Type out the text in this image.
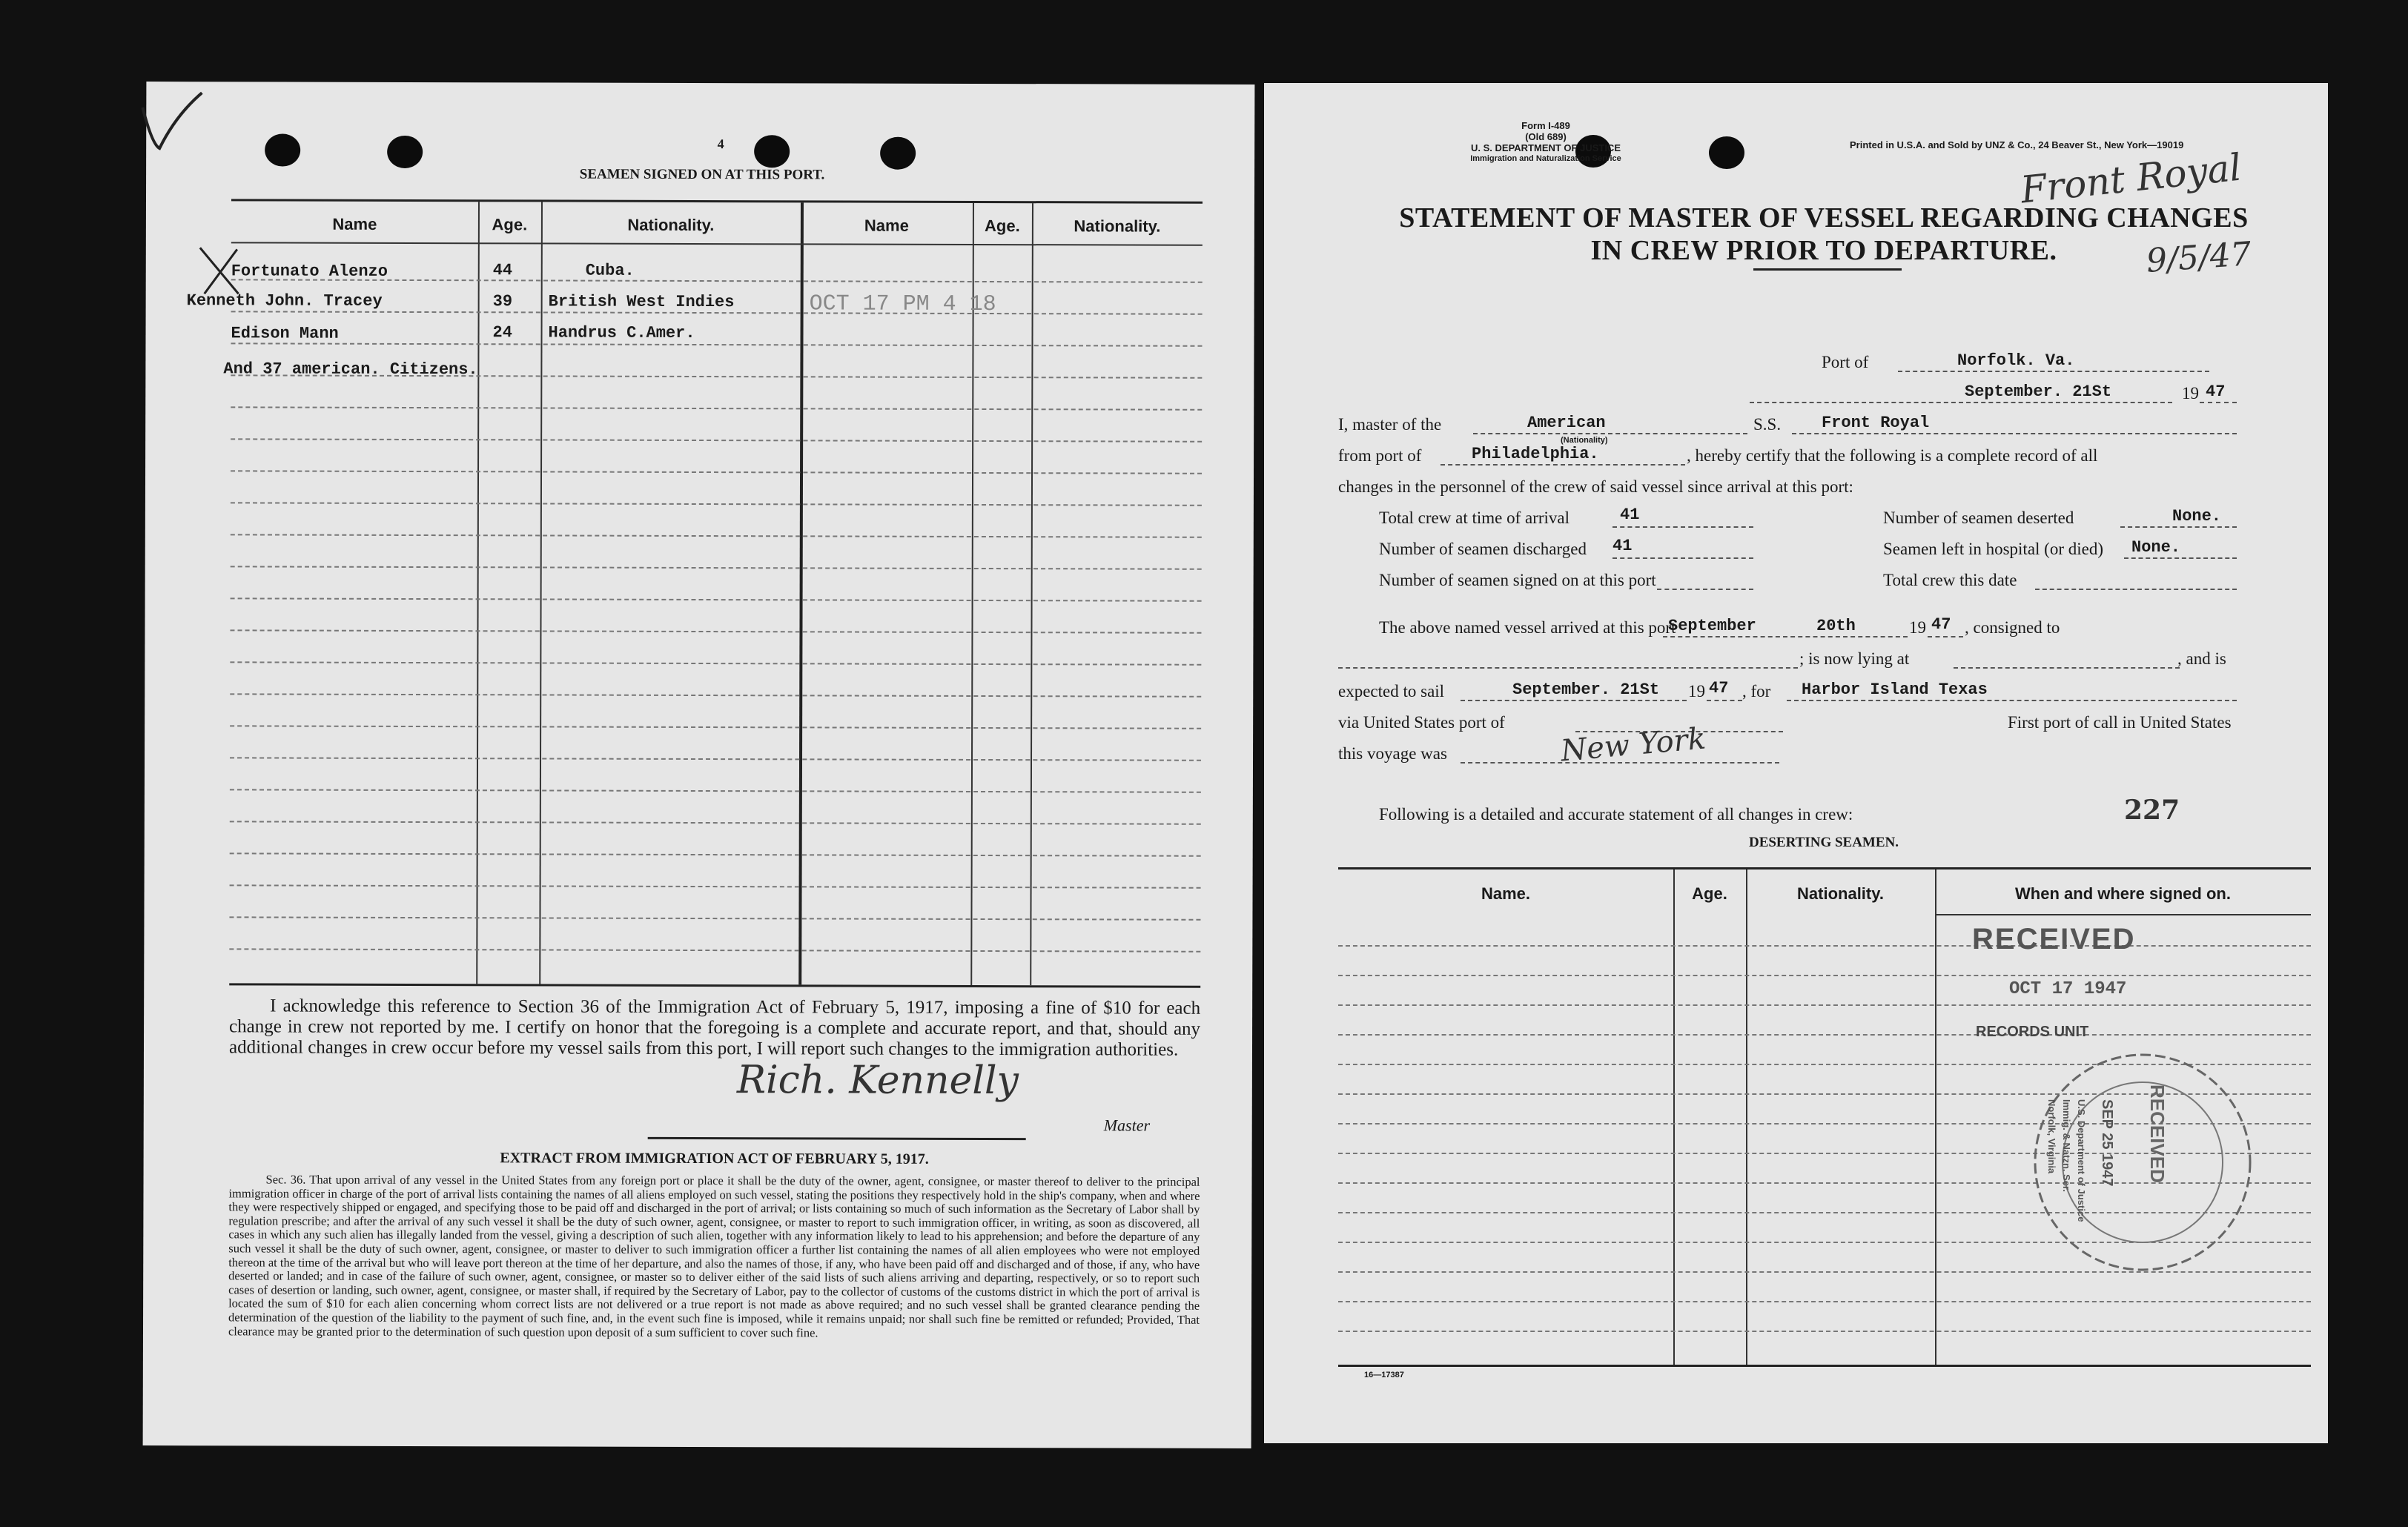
4
SEAMEN SIGNED ON AT THIS PORT.
Name	Age.	Nationality.	Name	Age.	Nationality.
Fortunato Alenzo	44	Cuba.
Kenneth John. Tracey	39 British West Indies
Edison Mann	24 Handrus C.Amer.
And 37 american. Citizens.
OCT 17 PM 4 18
I acknowledge this reference to Section 36 of the Immigration Act of February 5, 1917, imposing a fine of $10 for each change in crew not reported by me. I certify on honor that the foregoing is a complete and accurate report, and that, should any additional changes in crew occur before my vessel sails from this port, I will report such changes to the immigration authorities.
Rich. Kennelly
Master
EXTRACT FROM IMMIGRATION ACT OF FEBRUARY 5, 1917.
Sec. 36. That upon arrival of any vessel in the United States from any foreign port or place it shall be the duty of the owner, agent, consignee, or master thereof to deliver to the principal immigration officer in charge of the port of arrival lists containing the names of all aliens employed on such vessel, stating the positions they respectively hold in the ship's company, when and where they were respectively shipped or engaged, and specifying those to be paid off and discharged in the port of arrival; or lists containing so much of such information as the Secretary of Labor shall by regulation prescribe; and after the arrival of any such vessel it shall be the duty of such owner, agent, consignee, or master to report to such immigration officer, in writing, as soon as discovered, all cases in which any such alien has illegally landed from the vessel, giving a description of such alien, together with any information likely to lead to his apprehension; and before the departure of any such vessel it shall be the duty of such owner, agent, consignee, or master to deliver to such immigration officer a further list containing the names of all alien employees who were not employed thereon at the time of the arrival but who will leave port thereon at the time of her departure, and also the names of those, if any, who have been paid off and discharged and of those, if any, who have deserted or landed; and in case of the failure of such owner, agent, consignee, or master so to deliver either of the said lists of such aliens arriving and departing, respectively, or so to report such cases of desertion or landing, such owner, agent, consignee, or master shall, if required by the Secretary of Labor, pay to the collector of customs of the customs district in which the port of arrival is located the sum of $10 for each alien concerning whom correct lists are not delivered or a true report is not made as above required; and no such vessel shall be granted clearance pending the determination of the question of the liability to the payment of such fine, and, in the event such fine is imposed, while it remains unpaid; nor shall such fine be remitted or refunded; Provided, That clearance may be granted prior to the determination of such question upon deposit of a sum sufficient to cover such fine.
Form I-489
(Old 689)
U. S. DEPARTMENT OF JUSTICE
Immigration and Naturalization Service
Printed in U.S.A. and Sold by UNZ & Co., 24 Beaver St., New York—19019
STATEMENT OF MASTER OF VESSEL REGARDING CHANGES
IN CREW PRIOR TO DEPARTURE.
Front Royal
9/5/47
Port of	Norfolk. Va.
September. 21St	19 47
I, master of the	American
(Nationality)
S.S. Front Royal
from port of	Philadelphia.	, hereby certify that the following is a complete record of all
changes in the personnel of the crew of said vessel since arrival at this port:
Total crew at time of arrival	41	Number of seamen deserted	None.
Number of seamen discharged 41	Seamen left in hospital (or died) None.
Number of seamen signed on at this port	Total crew this date
The above named vessel arrived at this port
September	20th	19 47 , consigned to
; is now lying at	, and is
expected to sail	September. 21St 19 47 , for Harbor Island Texas
via United States port of	First port of call in United States
this voyage was	New York
Following is a detailed and accurate statement of all changes in crew:	227
DESERTING SEAMEN.
Name.	Age.	Nationality.	When and where signed on.
RECEIVED
OCT 17 1947
RECORDS UNIT
RECEIVED
SEP 25 1947
U.S. Department of Justice
Immig. & Natzn. Ser.
Norfolk, Virginia
16—17387
